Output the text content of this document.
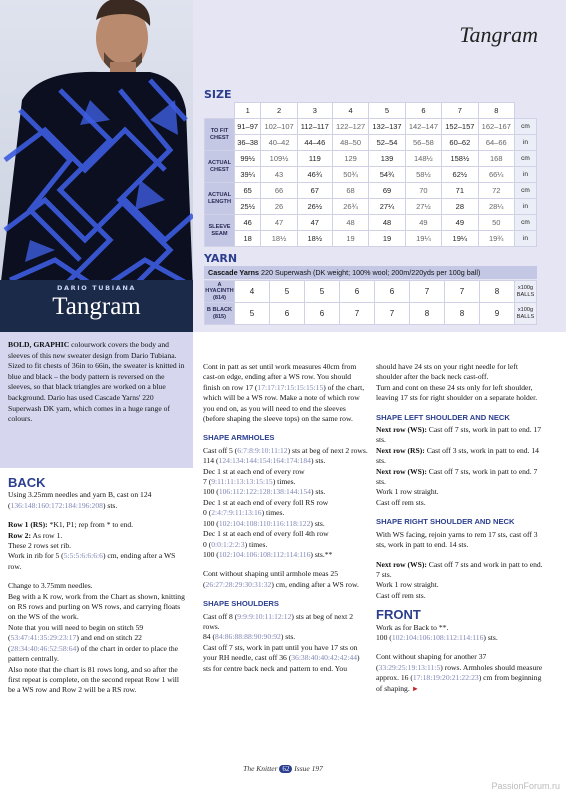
DARIO TUBIANA
Tangram
Tangram
SIZE
	1	2	3	4	5	6	7	8	
TO FIT CHEST	91–97	102–107	112–117	122–127	132–137	142–147	152–157	162–167	cm
	36–38	40–42	44–46	48–50	52–54	56–58	60–62	64–66	in
ACTUAL CHEST	99½	109½	119	129	139	148½	158½	168	cm
	39¼	43	46¾	50¾	54¾	58½	62½	66¼	in
ACTUAL LENGTH	65	66	67	68	69	70	71	72	cm
	25½	26	26½	26¾	27¼	27½	28	28¼	in
SLEEVE SEAM	46	47	47	48	48	49	49	50	cm
	18	18½	18½	19	19	19¼	19¼	19¾	in
YARN
Cascade Yarns 220 Superwash (DK weight; 100% wool; 200m/220yds per 100g ball)
A HYACINTH (814)	4	5	5	6	6	7	7	8	x100g BALLS
B BLACK (815)	5	6	6	7	7	8	8	9	x100g BALLS

BOLD, GRAPHIC colourwork covers the body and sleeves of this new sweater design from Dario Tubiana. Sized to fit chests of 36in to 66in, the sweater is knitted in blue and black – the body pattern is reversed on the sleeves, so that black triangles are worked on a blue background. Dario has used Cascade Yarns' 220 Superwash DK yarn, which comes in a huge range of colours.

BACK

Using 3.25mm needles and yarn B, cast on 124 (136:148:160:172:184:196:208) sts.

Row 1 (RS): *K1, P1; rep from * to end.

Row 2: As row 1.

These 2 rows set rib.

Work in rib for 5 (5:5:5:6:6:6:6) cm, ending after a WS row.

Change to 3.75mm needles.

Beg with a K row, work from the Chart as shown, knitting on RS rows and purling on WS rows, and carrying floats on the WS of the work.

Note that you will need to begin on stitch 59 (53:47:41:35:29:23:17) and end on stitch 22 (28:34:40:46:52:58:64) of the chart in order to place the pattern centrally.

Also note that the chart is 81 rows long, and so after the first repeat is complete, on the second repeat Row 1 will be a WS row and Row 2 will be a RS row.

Cont in patt as set until work measures 40cm from cast-on edge, ending after a WS row. You should finish on row 17 (17:17:17:15:15:15:15) of the chart, which will be a WS row. Make a note of which row you end on, as you will need to end the sleeves (before shaping the sleeve tops) on the same row.

SHAPE ARMHOLES

Cast off 5 (6:7:8:9:10:11:12) sts at beg of next 2 rows.

114 (124:134:144:154:164:174:184) sts.

Dec 1 st at each end of every row

7 (9:11:11:13:13:15:15) times.

100 (106:112:122:128:138:144:154) sts.

Dec 1 st at each end of every foll RS row

0 (2:4:7:9:11:13:16) times.

100 (102:104:108:110:116:118:122) sts.

Dec 1 st at each end of every foll 4th row

0 (0:0:1:2:2:3) times.

100 (102:104:106:108:112:114:116) sts.**

Cont without shaping until armhole meas 25 (26:27:28:29:30:31:32) cm, ending after a WS row.

SHAPE SHOULDERS

Cast off 8 (9:9:9:10:11:12:12) sts at beg of next 2 rows.

84 (84:86:88:88:90:90:92) sts.

Cast off 7 sts, work in patt until you have 17 sts on your RH needle, cast off 36 (36:38:40:40:42:42:44) sts for centre back neck and pattern to end. You

should have 24 sts on your right needle for left shoulder after the back neck cast-off.

Turn and cont on these 24 sts only for left shoulder, leaving 17 sts for right shoulder on a separate holder.

SHAPE LEFT SHOULDER AND NECK

Next row (WS): Cast off 7 sts, work in patt to end. 17 sts.

Next row (RS): Cast off 3 sts, work in patt to end. 14 sts.

Next row (WS): Cast off 7 sts, work in patt to end. 7 sts.

Work 1 row straight.

Cast off rem sts.

SHAPE RIGHT SHOULDER AND NECK

With WS facing, rejoin yarns to rem 17 sts, cast off 3 sts, work in patt to end. 14 sts.

Next row (WS): Cast off 7 sts and work in patt to end. 7 sts.

Work 1 row straight.

Cast off rem sts.

FRONT

Work as for Back to **.

100 (102:104:106:108:112:114:116) sts.

Cont without shaping for another 37 (33:29:25:19:13:11:5) rows. Armholes should measure approx. 16 (17:18:19:20:21:22:23) cm from beginning of shaping. ►

The Knitter 62 Issue 197
PassionForum.ru
